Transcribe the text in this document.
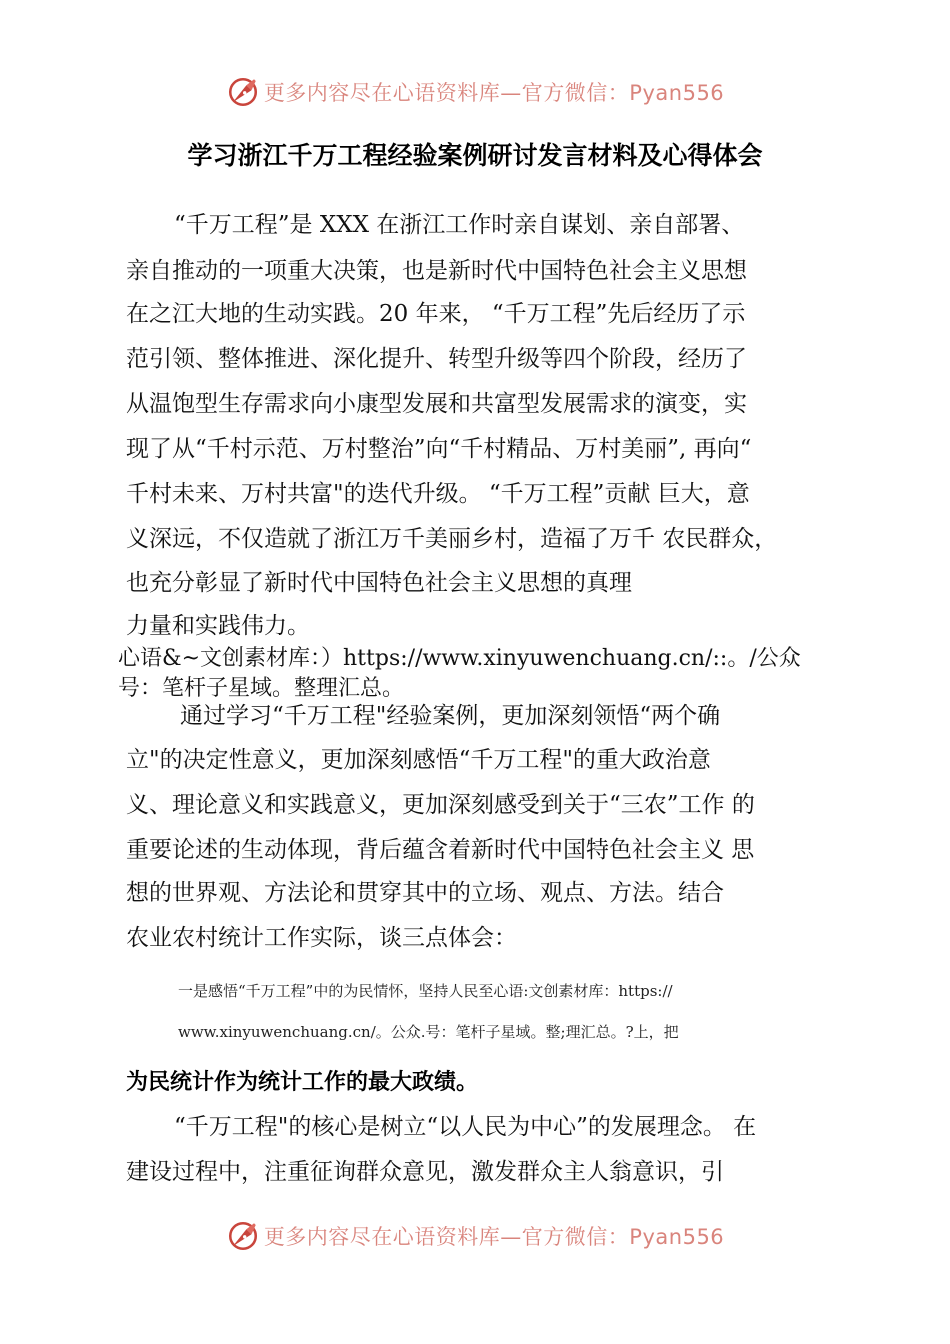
更多内容尽在心语资料库—官方微信：Pyan556
学习浙江千万工程经验案例研讨发言材料及心得体会
“千万工程”是 XXX 在浙江工作时亲自谋划、亲自部署、
亲自推动的一项重大决策，也是新时代中国特色社会主义思想
在之江大地的生动实践。20 年来， “千万工程”先后经历了示
范引领、整体推进、深化提升、转型升级等四个阶段，经历了
从温饱型生存需求向小康型发展和共富型发展需求的演变，实
现了从“千村示范、万村整治”向“千村精品、万村美丽”, 再向“
千村未来、万村共富"的迭代升级。 “千万工程”贡献 巨大，意
义深远，不仅造就了浙江万千美丽乡村，造福了万千 农民群众，
也充分彰显了新时代中国特色社会主义思想的真理
力量和实践伟力。
心语&~文创素材库：）https://www.xinyuwenchuang.cn/::。/公众
号：笔杆子星域。整理汇总。
通过学习“千万工程"经验案例，更加深刻领悟“两个确
立"的决定性意义，更加深刻感悟“千万工程"的重大政治意
义、理论意义和实践意义，更加深刻感受到关于“三农”工作 的
重要论述的生动体现，背后蕴含着新时代中国特色社会主义 思
想的世界观、方法论和贯穿其中的立场、观点、方法。结合
农业农村统计工作实际，谈三点体会：
一是感悟“千万工程”中的为民情怀，坚持人民至心语:文创素材库：https://
www.xinyuwenchuang.cn/。公众.号：笔杆子星域。整;理汇总。?上，把
为民统计作为统计工作的最大政绩。
“千万工程"的核心是树立“以人民为中心”的发展理念。 在
建设过程中，注重征询群众意见，激发群众主人翁意识，引
更多内容尽在心语资料库—官方微信：Pyan556
